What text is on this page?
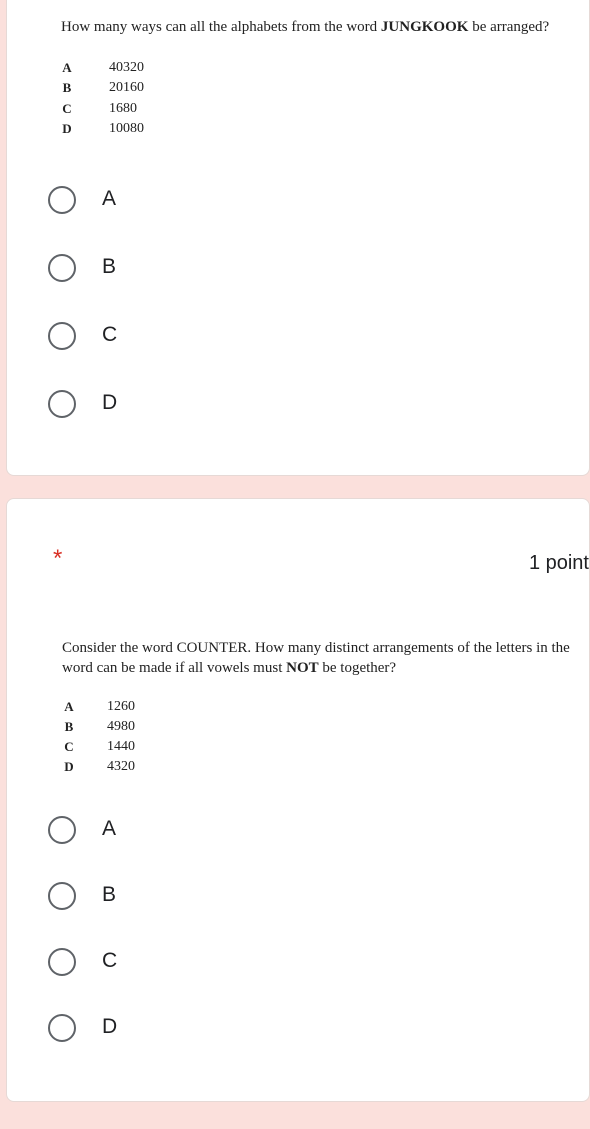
How many ways can all the alphabets from the word JUNGKOOK be arranged?
A	40320
B	20160
C	1680
D	10080
A
B
C
D
*	1 point
Consider the word COUNTER. How many distinct arrangements of the letters in the
word can be made if all vowels must NOT be together?
A 1260
B 4980
C 1440
D 4320
A
B
C
D
